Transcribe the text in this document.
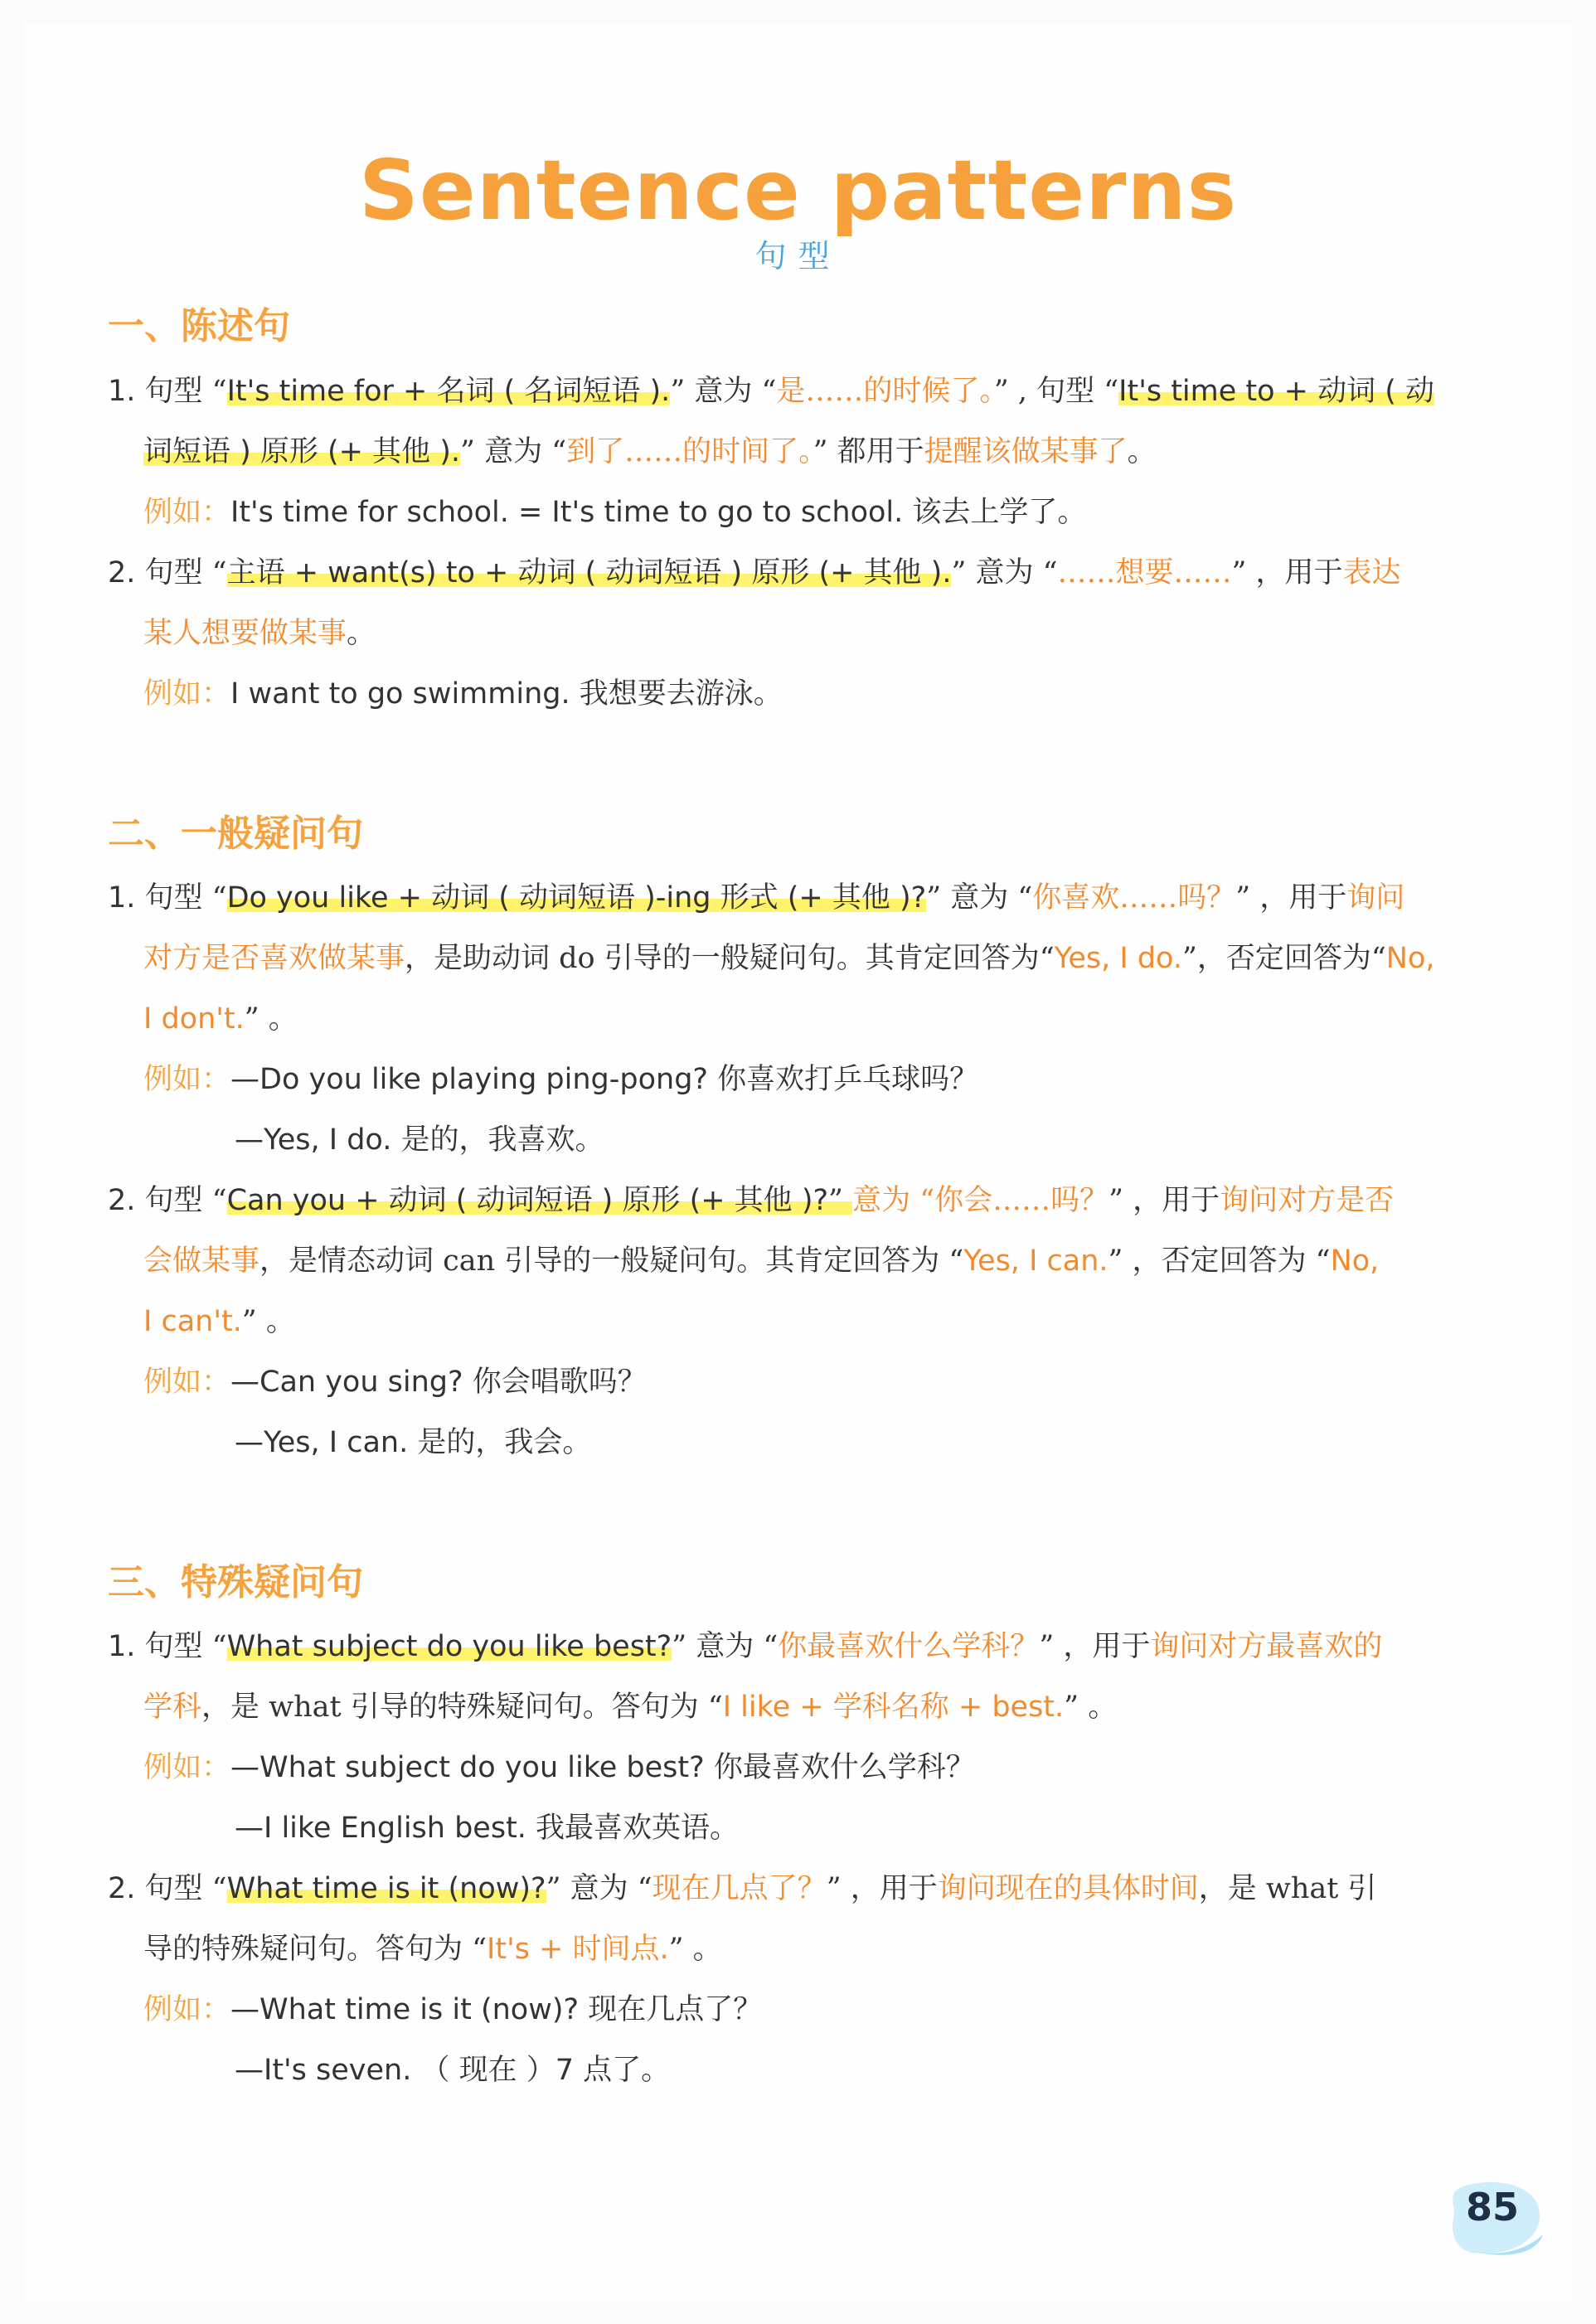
Sentence patterns
句型
一、陈述句
1. 句型 “It's time for + 名词 ( 名词短语 ).” 意为 “是……的时候了。” , 句型 “It's time to + 动词 ( 动
词短语 ) 原形 (+ 其他 ).” 意为 “到了……的时间了。” 都用于提醒该做某事了。
例如：It's time for school. = It's time to go to school. 该去上学了。
2. 句型 “主语 + want(s) to + 动词 ( 动词短语 ) 原形 (+ 其他 ).” 意为 “……想要……” ，用于表达
某人想要做某事。
例如：I want to go swimming. 我想要去游泳。
二、一般疑问句
1. 句型 “Do you like + 动词 ( 动词短语 )-ing 形式 (+ 其他 )?” 意为 “你喜欢……吗？” ，用于询问
对方是否喜欢做某事，是助动词 do 引导的一般疑问句。其肯定回答为“Yes, I do.”，否定回答为“No,
I don't.” 。
例如：—Do you like playing ping-pong? 你喜欢打乒乓球吗？
—Yes, I do. 是的，我喜欢。
2. 句型 “Can you + 动词 ( 动词短语 ) 原形 (+ 其他 )?” 意为 “你会……吗？” ，用于询问对方是否
会做某事，是情态动词 can 引导的一般疑问句。其肯定回答为 “Yes, I can.” ，否定回答为 “No,
I can't.” 。
例如：—Can you sing? 你会唱歌吗？
—Yes, I can. 是的，我会。
三、特殊疑问句
1. 句型 “What subject do you like best?” 意为 “你最喜欢什么学科？” ，用于询问对方最喜欢的
学科，是 what 引导的特殊疑问句。答句为 “I like + 学科名称 + best.” 。
例如：—What subject do you like best? 你最喜欢什么学科？
—I like English best. 我最喜欢英语。
2. 句型 “What time is it (now)?” 意为 “现在几点了？” ，用于询问现在的具体时间，是 what 引
导的特殊疑问句。答句为 “It's + 时间点.” 。
例如：—What time is it (now)? 现在几点了？
—It's seven. （ 现在 ）7 点了。
85
